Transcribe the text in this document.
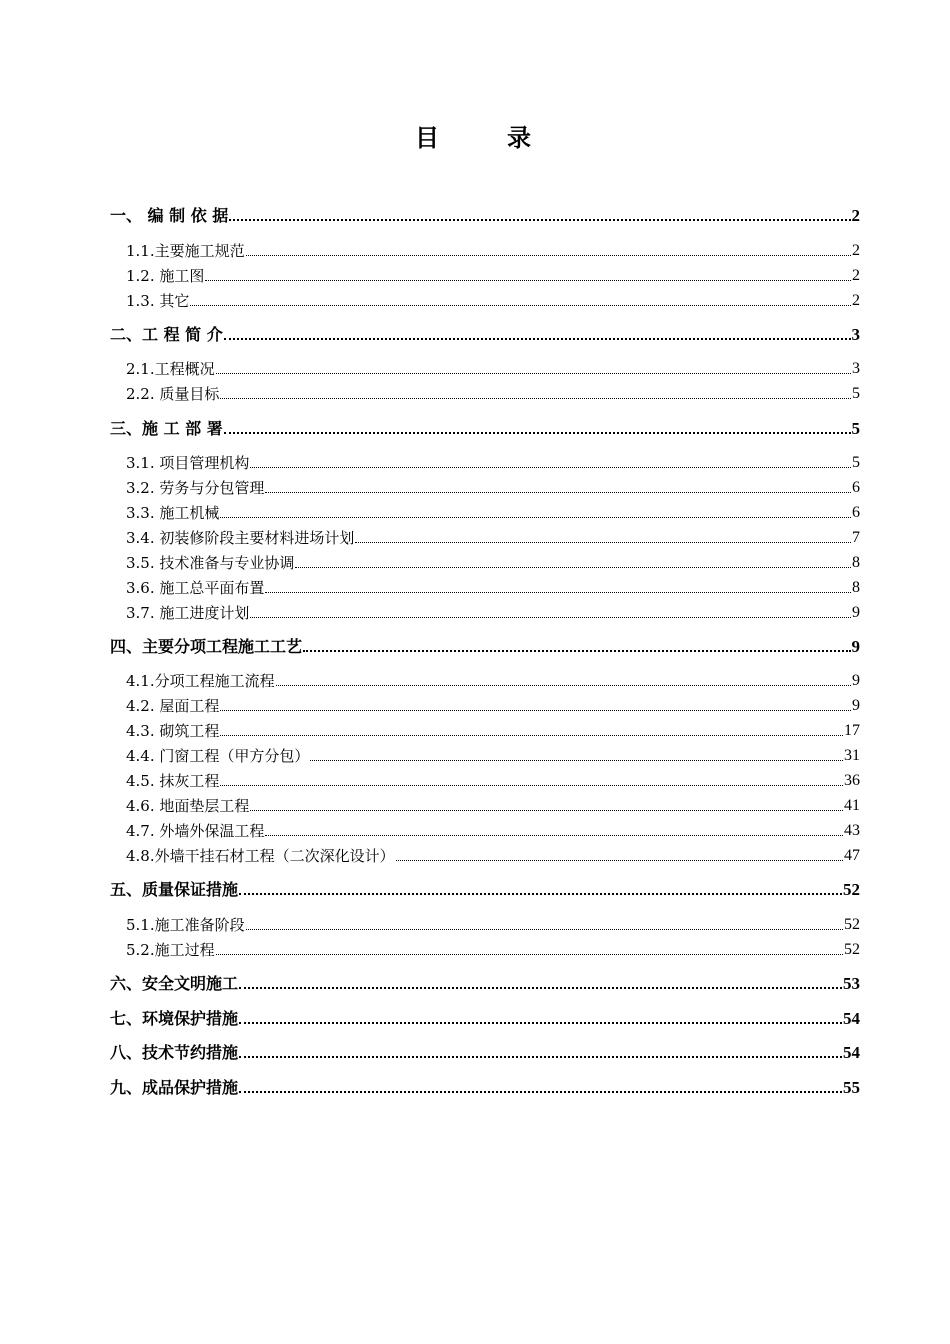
目	录
一、 编 制 依 据	2
1.1.主要施工规范	2
1.2. 施工图	2
1.3. 其它	2
二、工 程 简 介	3
2.1.工程概况	3
2.2. 质量目标	5
三、施 工 部 署	5
3.1. 项目管理机构	5
3.2. 劳务与分包管理	6
3.3. 施工机械	6
3.4. 初装修阶段主要材料进场计划	7
3.5. 技术准备与专业协调	8
3.6. 施工总平面布置	8
3.7. 施工进度计划	9
四、主要分项工程施工工艺	9
4.1.分项工程施工流程	9
4.2. 屋面工程	9
4.3. 砌筑工程	17
4.4. 门窗工程（甲方分包）	31
4.5. 抹灰工程	36
4.6. 地面垫层工程	41
4.7. 外墙外保温工程	43
4.8.外墙干挂石材工程（二次深化设计）	47
五、质量保证措施	52
5.1.施工准备阶段	52
5.2.施工过程	52
六、安全文明施工	53
七、环境保护措施	54
八、技术节约措施	54
九、成品保护措施	55
